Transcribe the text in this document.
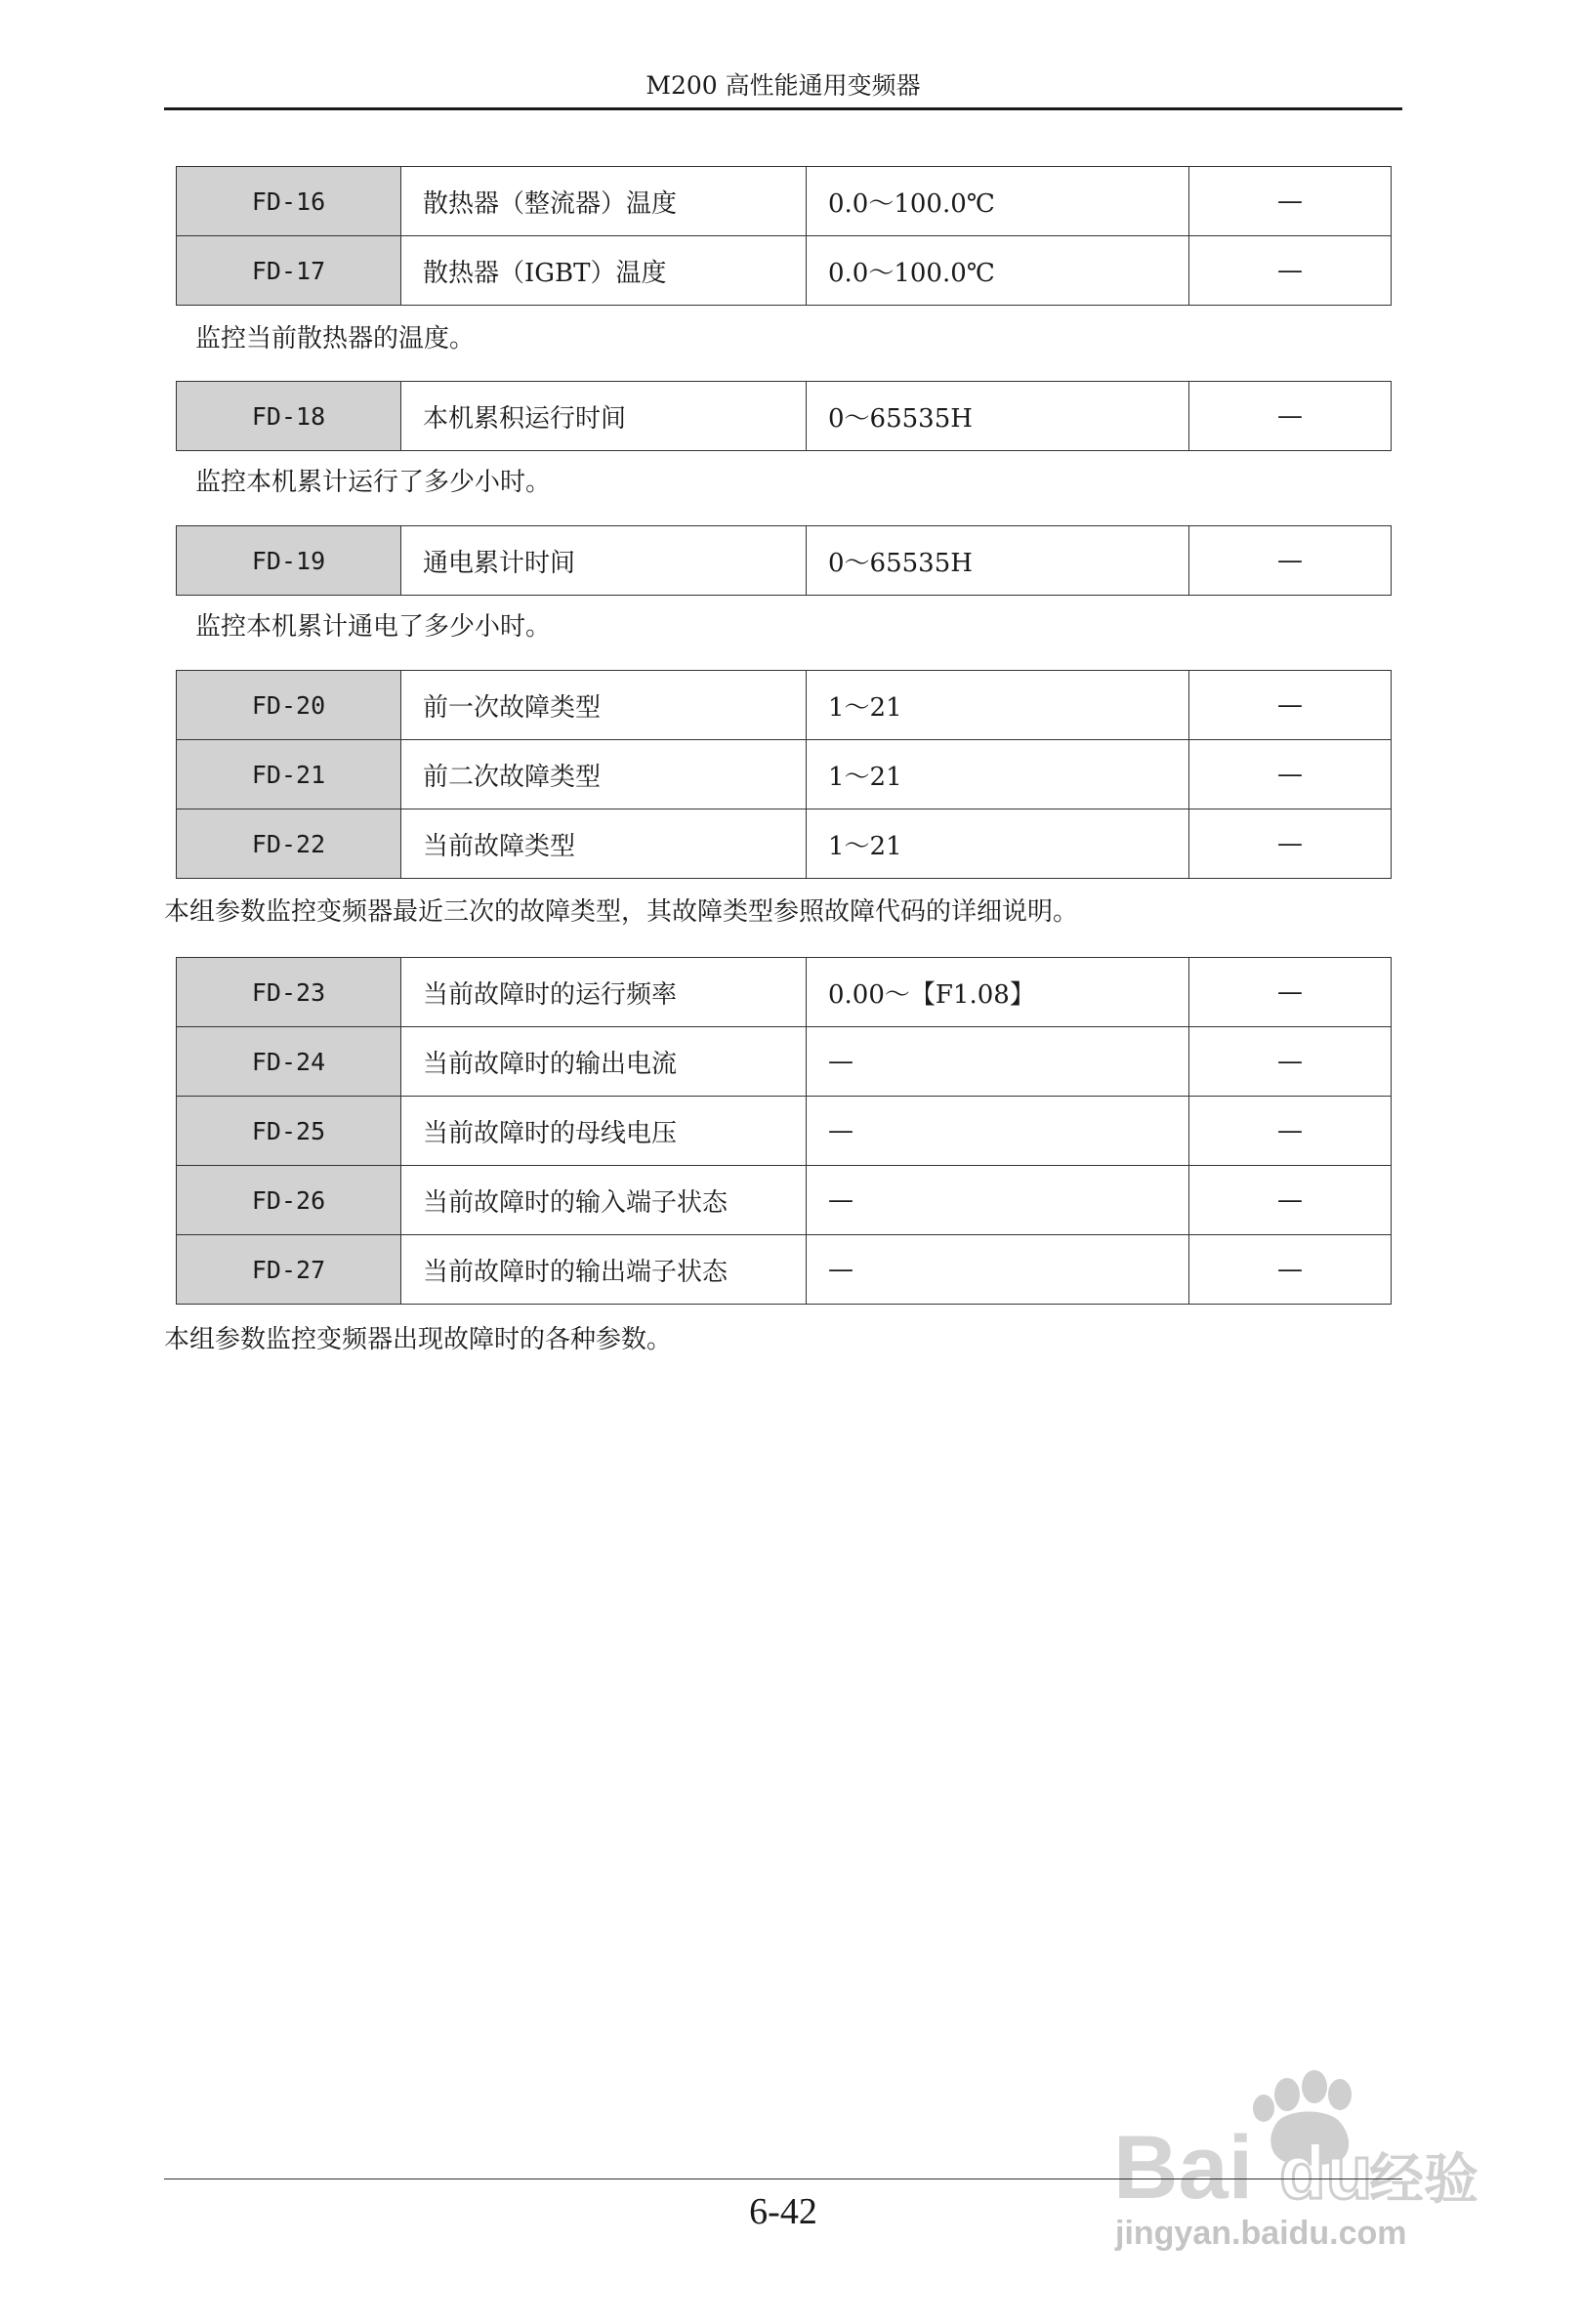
M200 高性能通用变频器
FD-16	散热器（整流器）温度	0.0～100.0℃	—
FD-17	散热器（IGBT）温度	0.0～100.0℃	—
监控当前散热器的温度。
FD-18	本机累积运行时间	0～65535H	—
监控本机累计运行了多少小时。
FD-19	通电累计时间	0～65535H	—
监控本机累计通电了多少小时。
FD-20	前一次故障类型	1～21	—
FD-21	前二次故障类型	1～21	—
FD-22	当前故障类型	1～21	—
本组参数监控变频器最近三次的故障类型，其故障类型参照故障代码的详细说明。
FD-23	当前故障时的运行频率	0.00～【F1.08】	—
FD-24	当前故障时的输出电流	—	—
FD-25	当前故障时的母线电压	—	—
FD-26	当前故障时的输入端子状态	—	—
FD-27	当前故障时的输出端子状态	—	—
本组参数监控变频器出现故障时的各种参数。
Bai du
经验
jingyan.baidu.com
6-42
